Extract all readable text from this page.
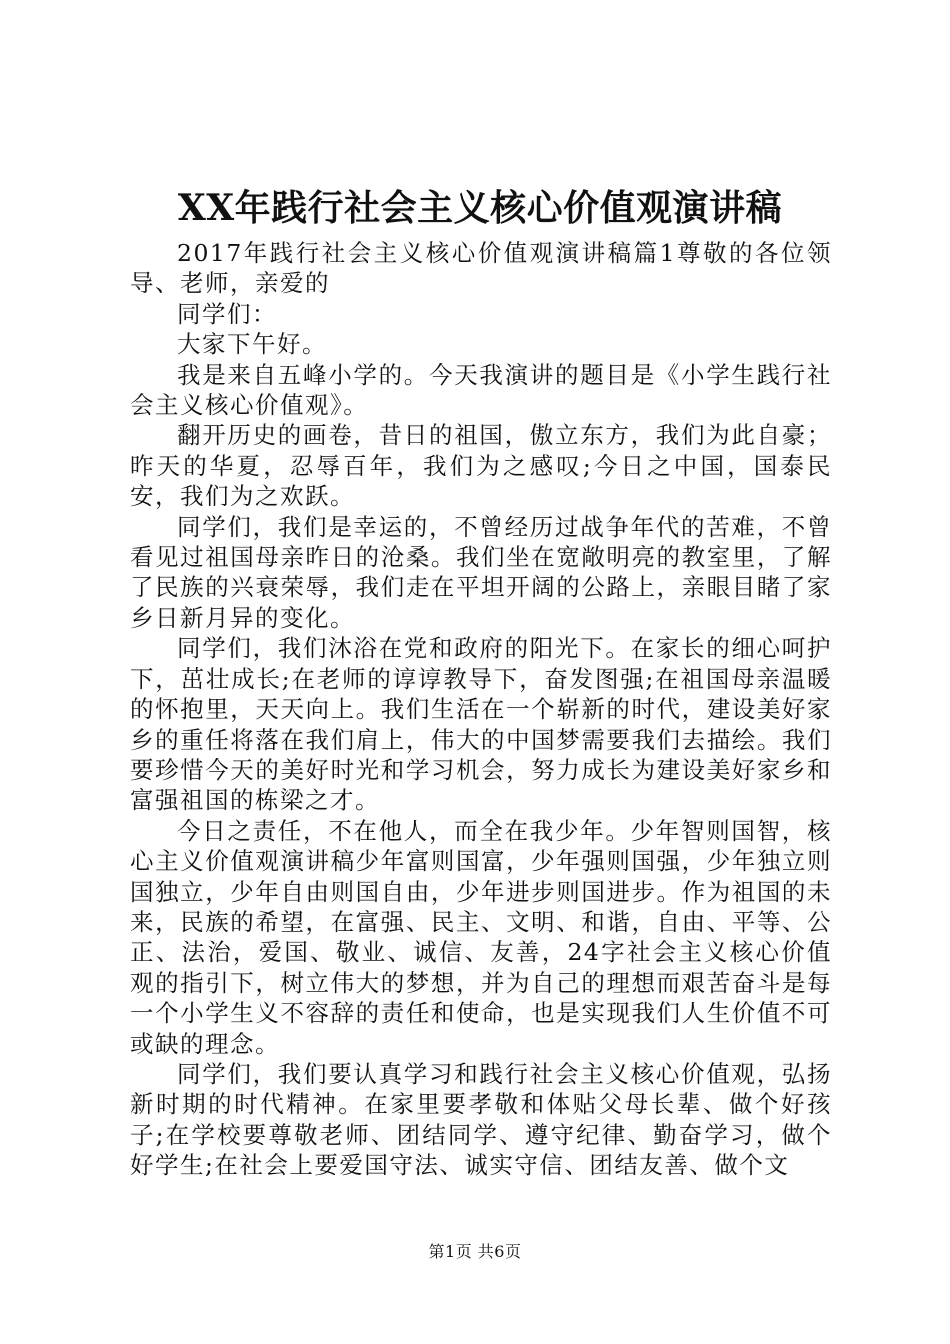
XX年践行社会主义核心价值观演讲稿

2017年践行社会主义核心价值观演讲稿篇1尊敬的各位领导、老师，亲爱的

同学们：

大家下午好。

我是来自五峰小学的。今天我演讲的题目是《小学生践行社会主义核心价值观》。

翻开历史的画卷，昔日的祖国，傲立东方，我们为此自豪；昨天的华夏，忍辱百年，我们为之感叹;今日之中国，国泰民安，我们为之欢跃。

同学们，我们是幸运的，不曾经历过战争年代的苦难，不曾看见过祖国母亲昨日的沧桑。我们坐在宽敞明亮的教室里，了解了民族的兴衰荣辱，我们走在平坦开阔的公路上，亲眼目睹了家乡日新月异的变化。

同学们，我们沐浴在党和政府的阳光下。在家长的细心呵护下，茁壮成长;在老师的谆谆教导下，奋发图强;在祖国母亲温暖的怀抱里，天天向上。我们生活在一个崭新的时代，建设美好家乡的重任将落在我们肩上，伟大的中国梦需要我们去描绘。我们要珍惜今天的美好时光和学习机会，努力成长为建设美好家乡和富强祖国的栋梁之才。

今日之责任，不在他人，而全在我少年。少年智则国智，核心主义价值观演讲稿少年富则国富，少年强则国强，少年独立则国独立，少年自由则国自由，少年进步则国进步。作为祖国的未来，民族的希望，在富强、民主、文明、和谐，自由、平等、公正、法治，爱国、敬业、诚信、友善，24字社会主义核心价值观的指引下，树立伟大的梦想，并为自己的理想而艰苦奋斗是每一个小学生义不容辞的责任和使命，也是实现我们人生价值不可或缺的理念。

同学们，我们要认真学习和践行社会主义核心价值观，弘扬新时期的时代精神。在家里要孝敬和体贴父母长辈、做个好孩子;在学校要尊敬老师、团结同学、遵守纪律、勤奋学习，做个好学生;在社会上要爱国守法、诚实守信、团结友善、做个文

第1页 共6页
